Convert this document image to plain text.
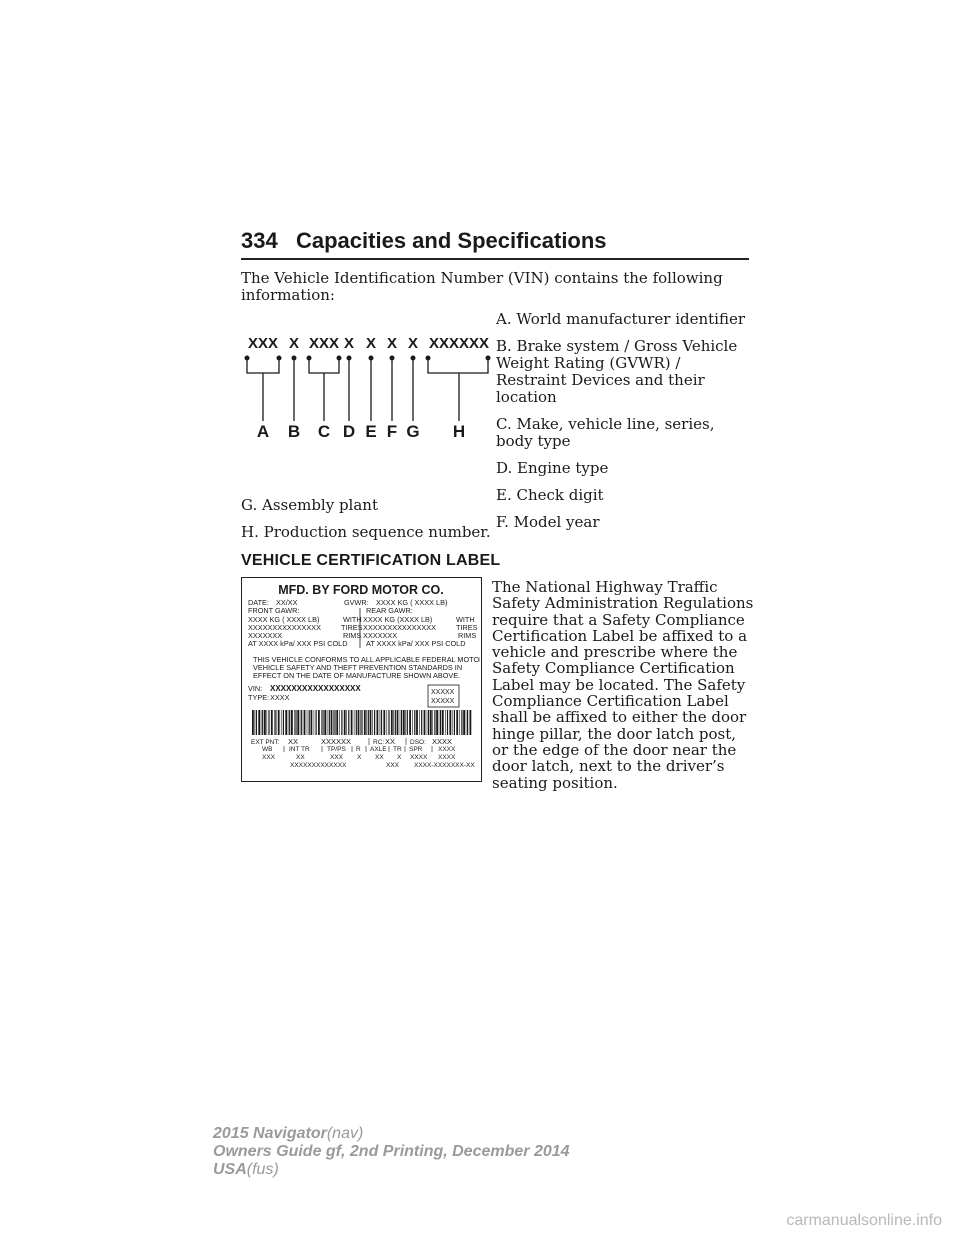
334 Capacities and Specifications
The Vehicle Identification Number (VIN) contains the following information:
XXX X XXX X X X X XXXXXX
A B C D E F G H

A. World manufacturer identifier

B. Brake system / Gross Vehicle Weight Rating (GVWR) / Restraint Devices and their location

C. Make, vehicle line, series, body type

D. Engine type

E. Check digit

F. Model year

G. Assembly plant

H. Production sequence number.

VEHICLE CERTIFICATION LABEL
MFD. BY FORD MOTOR CO.
DATE: XX/XX	GVWR: XXXX KG ( XXXX LB)
FRONT GAWR:	REAR GAWR:
XXXX KG ( XXXX LB)	WITH XXXX KG (XXXX LB)	WITH
XXXXXXXXXXXXXXX	TIRES XXXXXXXXXXXXXXX	TIRES
XXXXXXX	RIMS XXXXXXX	RIMS
AT XXXX kPa/ XXX PSI COLD	AT XXXX kPa/ XXX PSI COLD
THIS VEHICLE CONFORMS TO ALL APPLICABLE FEDERAL MOTOR
VEHICLE SAFETY AND THEFT PREVENTION STANDARDS IN
EFFECT ON THE DATE OF MANUFACTURE SHOWN ABOVE.
VIN: XXXXXXXXXXXXXXXXX
TYPE: XXXX
XXXXX
XXXXX
EXT PNT: XX	XXXXXX	RC: XX DSO: XXXX
WB	INT TR	TP/PS R AXLE TR SPR XXXX
XXX	XX	XXX X XX X XXXX XXXX
XXXXXXXXXXXXX	XXX XXXX-XXXXXXX-XX
The National Highway Traffic Safety Administration Regulations require that a Safety Compliance Certification Label be affixed to a vehicle and prescribe where the Safety Compliance Certification Label may be located. The Safety Compliance Certification Label shall be affixed to either the door hinge pillar, the door latch post, or the edge of the door near the door latch, next to the driver’s seating position.
2015 Navigator(nav)
Owners Guide gf, 2nd Printing, December 2014
USA(fus)
carmanualsonline.info
